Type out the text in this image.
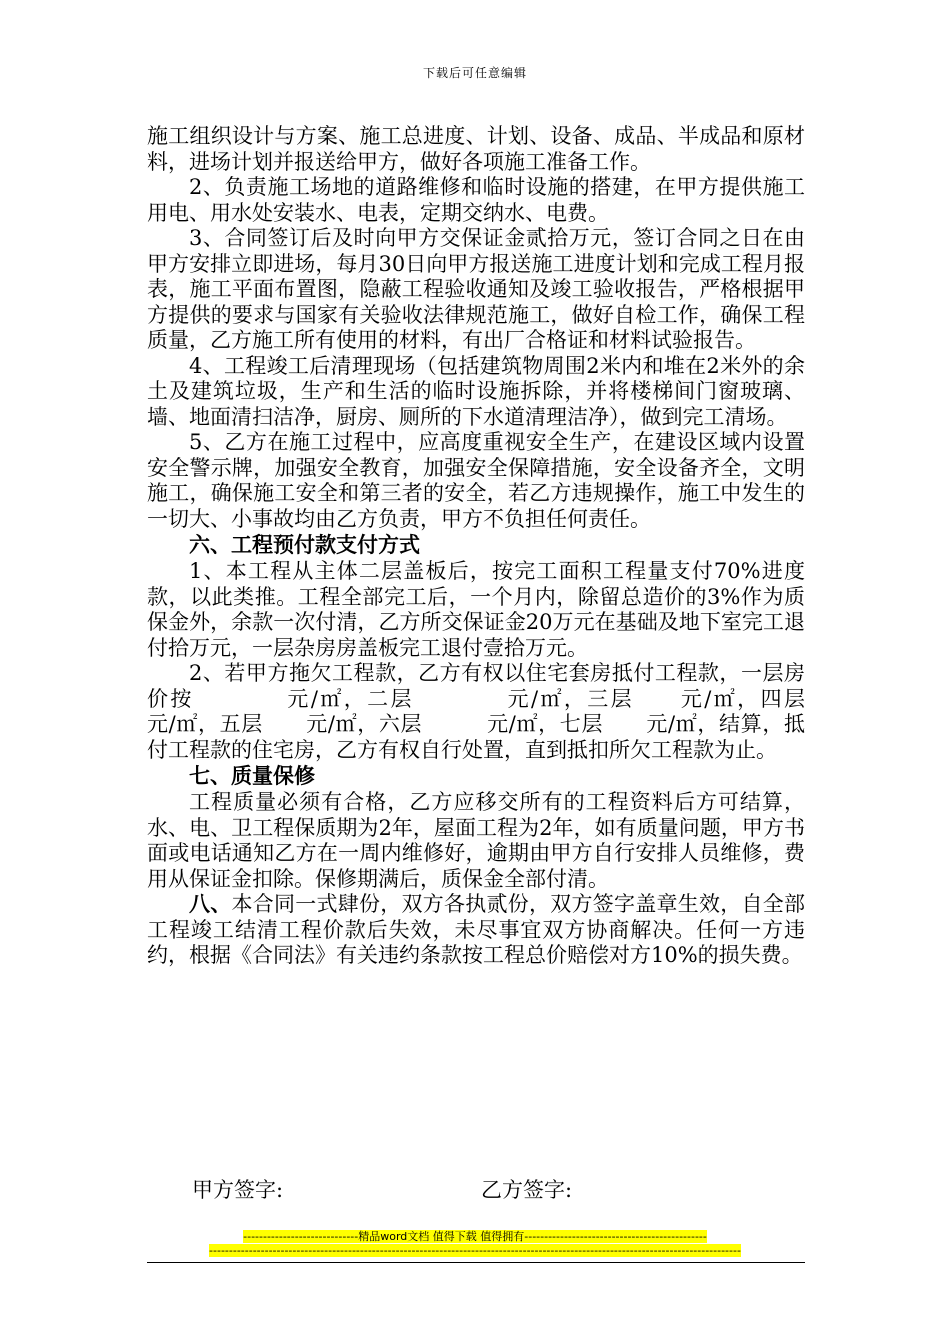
下载后可任意编辑

施工组织设计与方案、施工总进度、计划、设备、成品、半成品和原材料，进场计划并报送给甲方，做好各项施工准备工作。

2、负责施工场地的道路维修和临时设施的搭建，在甲方提供施工用电、用水处安装水、电表，定期交纳水、电费。

3、合同签订后及时向甲方交保证金贰拾万元，签订合同之日在由甲方安排立即进场，每月30日向甲方报送施工进度计划和完成工程月报表，施工平面布置图，隐蔽工程验收通知及竣工验收报告，严格根据甲方提供的要求与国家有关验收法律规范施工，做好自检工作，确保工程质量，乙方施工所有使用的材料，有出厂合格证和材料试验报告。

4、工程竣工后清理现场（包括建筑物周围2米内和堆在2米外的余土及建筑垃圾，生产和生活的临时设施拆除，并将楼梯间门窗玻璃、墙、地面清扫洁净，厨房、厕所的下水道清理洁净），做到完工清场。

5、乙方在施工过程中，应高度重视安全生产，在建设区域内设置安全警示牌，加强安全教育，加强安全保障措施，安全设备齐全，文明施工，确保施工安全和第三者的安全，若乙方违规操作，施工中发生的一切大、小事故均由乙方负责，甲方不负担任何责任。

六、工程预付款支付方式

1、本工程从主体二层盖板后，按完工面积工程量支付70%进度款，以此类推。工程全部完工后，一个月内，除留总造价的3%作为质保金外，余款一次付清，乙方所交保证金20万元在基础及地下室完工退付拾万元，一层杂房房盖板完工退付壹拾万元。

2、若甲方拖欠工程款，乙方有权以住宅套房抵付工程款，一层房价按　　　　元/㎡，二层　　　　元/㎡，三层　　元/㎡，四层　　　元/㎡，五层　　元/㎡，六层　　　元/㎡，七层　　元/㎡，结算，抵付工程款的住宅房，乙方有权自行处置，直到抵扣所欠工程款为止。

七、质量保修

工程质量必须有合格，乙方应移交所有的工程资料后方可结算，水、电、卫工程保质期为2年，屋面工程为2年，如有质量问题，甲方书面或电话通知乙方在一周内维修好，逾期由甲方自行安排人员维修，费用从保证金扣除。保修期满后，质保金全部付清。

八、本合同一式肆份，双方各执贰份，双方签字盖章生效，自全部工程竣工结清工程价款后失效，未尽事宜双方协商解决。任何一方违约，根据《合同法》有关违约条款按工程总价赔偿对方10%的损失费。

甲方签字:	乙方签字:
-----------------------------精品word文档 值得下载 值得拥有----------------------------------------------
--------------------------------------------------------------------------------------------------------------------------------------
